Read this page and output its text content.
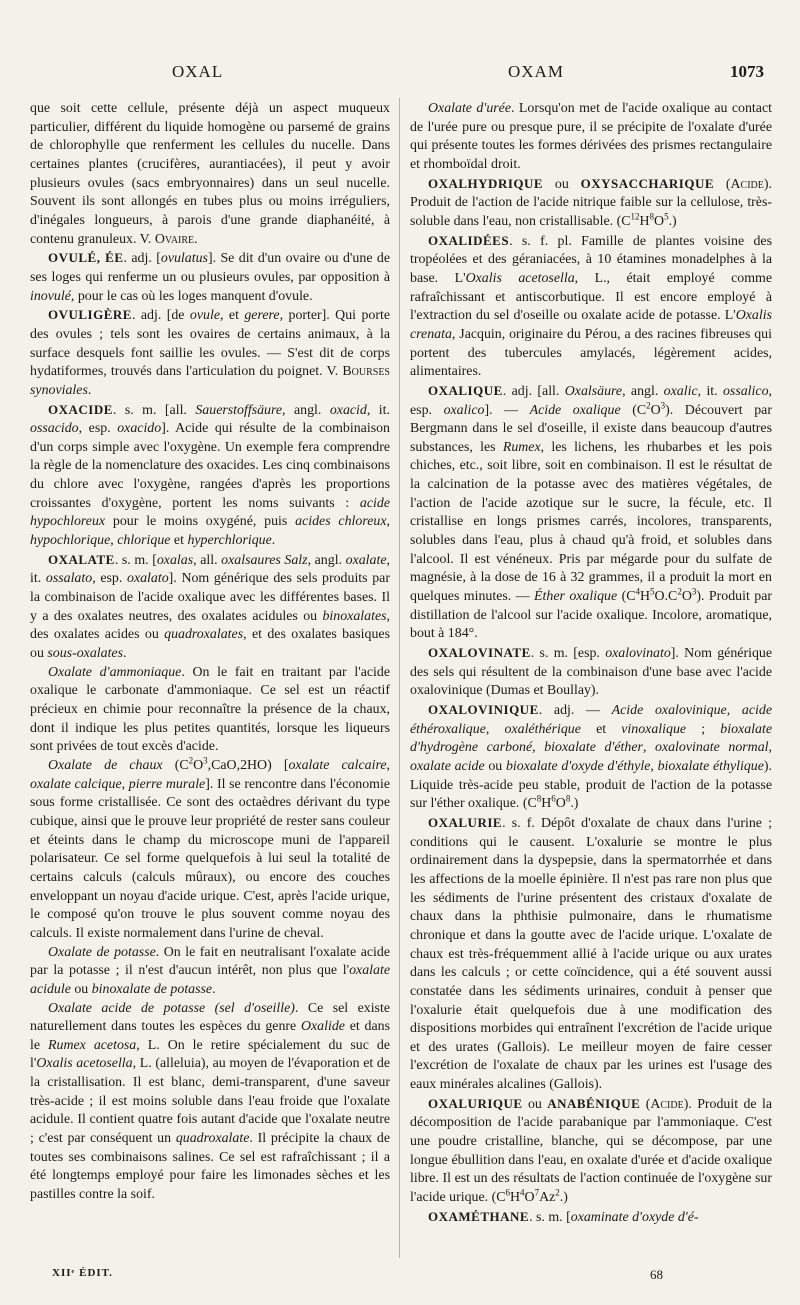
OXAL	OXAM	1073

que soit cette cellule, présente déjà un aspect muqueux particulier, différent du liquide homogène ou parsemé de grains de chlorophylle que renferment les cellules du nucelle. Dans certaines plantes (crucifères, aurantiacées), il peut y avoir plusieurs ovules (sacs embryonnaires) dans un seul nucelle. Souvent ils sont allongés en tubes plus ou moins irréguliers, d'inégales longueurs, à parois d'une grande diaphanéité, à contenu granuleux. V. Ovaire.

OVULÉ, ÉE. adj. [ovulatus]. Se dit d'un ovaire ou d'une de ses loges qui renferme un ou plusieurs ovules, par opposition à inovulé, pour le cas où les loges manquent d'ovule.

OVULIGÈRE. adj. [de ovule, et gerere, porter]. Qui porte des ovules ; tels sont les ovaires de certains animaux, à la surface desquels font saillie les ovules. — S'est dit de corps hydatiformes, trouvés dans l'articulation du poignet. V. Bourses synoviales.

OXACIDE. s. m. [all. Sauerstoffsäure, angl. oxacid, it. ossacido, esp. oxacido]. Acide qui résulte de la combinaison d'un corps simple avec l'oxygène. Un exemple fera comprendre la règle de la nomenclature des oxacides. Les cinq combinaisons du chlore avec l'oxygène, rangées d'après les proportions croissantes d'oxygène, portent les noms suivants : acide hypochloreux pour le moins oxygéné, puis acides chloreux, hypochlorique, chlorique et hyperchlorique.

OXALATE. s. m. [oxalas, all. oxalsaures Salz, angl. oxalate, it. ossalato, esp. oxalato]. Nom générique des sels produits par la combinaison de l'acide oxalique avec les différentes bases. Il y a des oxalates neutres, des oxalates acidules ou binoxalates, des oxalates acides ou quadroxalates, et des oxalates basiques ou sous-oxalates.

Oxalate d'ammoniaque. On le fait en traitant par l'acide oxalique le carbonate d'ammoniaque. Ce sel est un réactif précieux en chimie pour reconnaître la présence de la chaux, dont il indique les plus petites quantités, lorsque les liqueurs sont privées de tout excès d'acide.

Oxalate de chaux $(C^2O^3,CaO,2HO)$ [oxalate calcaire, oxalate calcique, pierre murale]. Il se rencontre dans l'économie sous forme cristallisée. Ce sont des octaèdres dérivant du type cubique, ainsi que le prouve leur propriété de rester sans couleur et éteints dans le champ du microscope muni de l'appareil polarisateur. Ce sel forme quelquefois à lui seul la totalité de certains calculs (calculs mûraux), ou encore des couches enveloppant un noyau d'acide urique. C'est, après l'acide urique, le composé qu'on trouve le plus souvent comme noyau des calculs. Il existe normalement dans l'urine de cheval.

Oxalate de potasse. On le fait en neutralisant l'oxalate acide par la potasse ; il n'est d'aucun intérêt, non plus que l'oxalate acidule ou binoxalate de potasse.

Oxalate acide de potasse (sel d'oseille). Ce sel existe naturellement dans toutes les espèces du genre Oxalide et dans le Rumex acetosa, L. On le retire spécialement du suc de l'Oxalis acetosella, L. (alleluia), au moyen de l'évaporation et de la cristallisation. Il est blanc, demi-transparent, d'une saveur très-acide ; il est moins soluble dans l'eau froide que l'oxalate acidule. Il contient quatre fois autant d'acide que l'oxalate neutre ; c'est par conséquent un quadroxalate. Il précipite la chaux de toutes ses combinaisons salines. Ce sel est rafraîchissant ; il a été longtemps employé pour faire les limonades sèches et les pastilles contre la soif.

Oxalate d'urée. Lorsqu'on met de l'acide oxalique au contact de l'urée pure ou presque pure, il se précipite de l'oxalate d'urée qui présente toutes les formes dérivées des prismes rectangulaire et rhomboïdal droit.

OXALHYDRIQUE ou OXYSACCHARIQUE (Acide). Produit de l'action de l'acide nitrique faible sur la cellulose, très-soluble dans l'eau, non cristallisable. $(C^{12}H^8O^5.)$

OXALIDÉES. s. f. pl. Famille de plantes voisine des tropéolées et des géraniacées, à 10 étamines monadelphes à la base. L'Oxalis acetosella, L., était employé comme rafraîchissant et antiscorbutique. Il est encore employé à l'extraction du sel d'oseille ou oxalate acide de potasse. L'Oxalis crenata, Jacquin, originaire du Pérou, a des racines fibreuses qui portent des tubercules amylacés, légèrement acides, alimentaires.

OXALIQUE. adj. [all. Oxalsäure, angl. oxalic, it. ossalico, esp. oxalico]. — Acide oxalique $(C^2O^3)$. Découvert par Bergmann dans le sel d'oseille, il existe dans beaucoup d'autres substances, les Rumex, les lichens, les rhubarbes et les pois chiches, etc., soit libre, soit en combinaison. Il est le résultat de la calcination de la potasse avec des matières végétales, de l'action de l'acide azotique sur le sucre, la fécule, etc. Il cristallise en longs prismes carrés, incolores, transparents, solubles dans l'eau, plus à chaud qu'à froid, et solubles dans l'alcool. Il est vénéneux. Pris par mégarde pour du sulfate de magnésie, à la dose de 16 à 32 grammes, il a produit la mort en quelques minutes. — Éther oxalique $(C^4H^5O.C^2O^3)$. Produit par distillation de l'alcool sur l'acide oxalique. Incolore, aromatique, bout à 184°.

OXALOVINATE. s. m. [esp. oxalovinato]. Nom générique des sels qui résultent de la combinaison d'une base avec l'acide oxalovinique (Dumas et Boullay).

OXALOVINIQUE. adj. — Acide oxalovinique, acide éthéroxalique, oxaléthérique et vinoxalique ; bioxalate d'hydrogène carboné, bioxalate d'éther, oxalovinate normal, oxalate acide ou bioxalate d'oxyde d'éthyle, bioxalate éthylique). Liquide très-acide peu stable, produit de l'action de la potasse sur l'éther oxalique. $(C^8H^6O^8.)$

OXALURIE. s. f. Dépôt d'oxalate de chaux dans l'urine ; conditions qui le causent. L'oxalurie se montre le plus ordinairement dans la dyspepsie, dans la spermatorrhée et dans les affections de la moelle épinière. Il n'est pas rare non plus que les sédiments de l'urine présentent des cristaux d'oxalate de chaux dans la phthisie pulmonaire, dans le rhumatisme chronique et dans la goutte avec de l'acide urique. L'oxalate de chaux est très-fréquemment allié à l'acide urique ou aux urates dans les calculs ; or cette coïncidence, qui a été souvent aussi constatée dans les sédiments urinaires, conduit à penser que l'oxalurie était quelquefois due à une modification des dispositions morbides qui entraînent l'excrétion de l'acide urique et des urates (Gallois). Le meilleur moyen de faire cesser l'excrétion de l'oxalate de chaux par les urines est l'usage des eaux minérales alcalines (Gallois).

OXALURIQUE ou ANABÉNIQUE (Acide). Produit de la décomposition de l'acide parabanique par l'ammoniaque. C'est une poudre cristalline, blanche, qui se décompose, par une longue ébullition dans l'eau, en oxalate d'urée et d'acide oxalique libre. Il est un des résultats de l'action continuée de l'oxygène sur l'acide urique. $(C^6H^4O^7Az^2.)$

OXAMÉTHANE. s. m. [oxaminate d'oxyde d'é-

XIIᵉ ÉDIT.	68
